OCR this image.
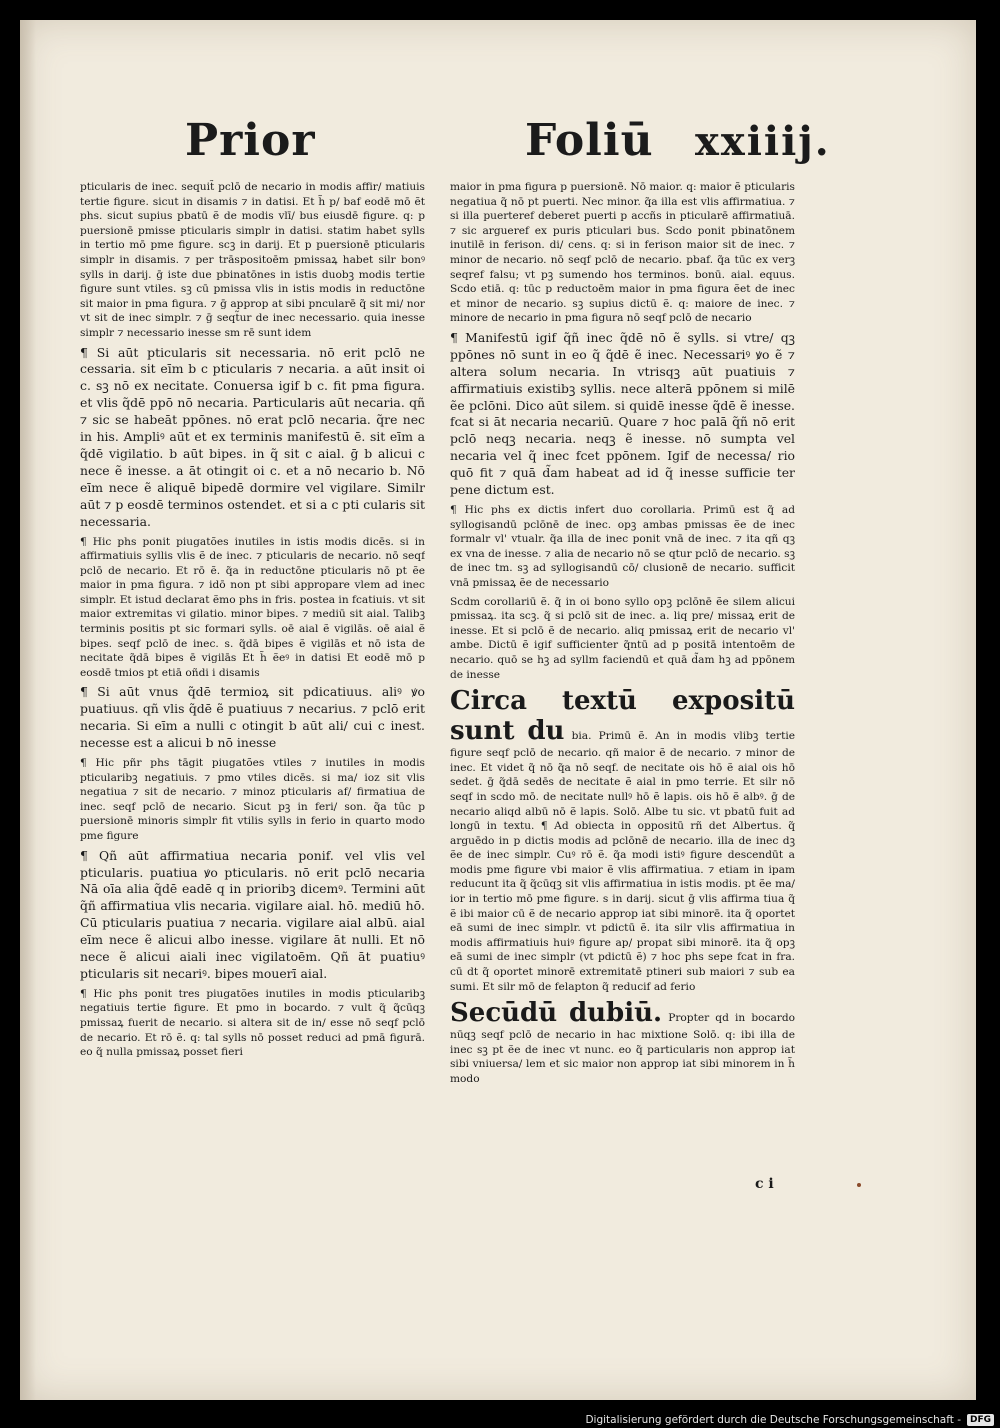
Prior	Foliū xxiiij.
pticularis de inec. sequit̃ pclō de necario in modis affir/ matiuis tertie figure. sicut in disamis ⁊ in datisi. Et h̃ p/ baf eodē mō ẽt phs. sicut supius pbatū ẽ de modis vlī/ bus eiusdē figure. q: p puersionē pmisse pticularis simplr in datisi. statim habet sylls in tertio mō pme figure. scꝫ in darij. Et p puersionē pticularis simplr in disamis. ⁊ per trāspositoēm pmissaꝝ habet silr bonꝰ sylls in darij. ḡ iste due pbinatōnes in istis duobꝫ modis tertie figure sunt vtiles. sꝫ cū pmissa vlis in istis modis in reductōne sit maior in pma figura. ⁊ ḡ approp at sibi pncularē q̃ sit mi/ nor vt sit de inec simplr. ⁊ ḡ seqt̃ur de inec necessario. quia inesse simplr ⁊ necessario inesse sm rē sunt idem
¶ Si aūt pticularis sit necessaria. nō erit pclō ne cessaria. sit eīm b c pticularis ⁊ necaria. a aūt insit oi c. sꝫ nō ex necitate. Conuersa igif b c. fit pma figura. et vlis q̃dē ppō nō necaria. Particularis aūt necaria. qñ ⁊ sic se habeāt ppōnes. nō erat pclō necaria. q̃re nec in his. Ampliꝰ aūt et ex terminis manifestū ē. sit eīm a q̃dē vigilatio. b aūt bipes. in q̃ sit c aial. ḡ b alicui c nece ẽ inesse. a āt otingit oi c. et a nō necario b. Nō eīm nece ẽ aliquē bipedē dormire vel vigilare. Similr aūt ⁊ p eosdē terminos ostendet. et si a c pti cularis sit necessaria.
¶ Hic phs ponit piugatões inutiles in istis modis dicēs. si in affirmatiuis syllis vlis ẽ de inec. ⁊ pticularis de necario. nō seqf pclō de necario. Et rō ẽ. q̃a in reductōne pticularis nō pt ẽe maior in pma figura. ⁊ idō non pt sibi appropare vlem ad inec simplr. Et istud declarat ẽmo phs in fris. postea in fcatiuis. vt sit maior extremitas vi gilatio. minor bipes. ⁊ mediū sit aial. Talibꝫ terminis positis pt sic formari sylls. oē aial ẽ vigilās. oē aial ẽ bipes. seqf pclō de inec. s. q̃dā bipes ẽ vigilās et nō ista de necitate q̃dā bipes ē vigilās Et h̃ ẽeꝰ in datisi Et eodē mō p eosdē tmios pt etiā oñdi i disamis
¶ Si aūt vnus q̃dē termioꝝ sit pdicatiuus. aliꝰ ꝟo puatiuus. qñ vlis q̃dē ẽ puatiuus ⁊ necarius. ⁊ pclō erit necaria. Si eīm a nulli c otingit b aūt ali/ cui c inest. necesse est a alicui b nō inesse
¶ Hic pñr phs tāgit piugatões vtiles ⁊ inutiles in modis pticularibꝫ negatiuis. ⁊ pmo vtiles dicēs. si ma/ ioz sit vlis negatiua ⁊ sit de necario. ⁊ minoz pticularis af/ firmatiua de inec. seqf pclō de necario. Sicut pꝫ in feri/ son. q̃a tūc p puersionē minoris simplr fit vtilis sylls in ferio in quarto modo pme figure
¶ Qñ aūt affirmatiua necaria ponif. vel vlis vel pticularis. puatiua ꝟo pticularis. nō erit pclō necaria Nā oīa alia q̃dē eadē q in prioribꝫ dicemꝰ. Termini aūt q̃ñ affirmatiua vlis necaria. vigilare aial. hō. mediū hō. Cū pticularis puatiua ⁊ necaria. vigilare aial albū. aial eīm nece ẽ alicui albo inesse. vigilare āt nulli. Et nō nece ẽ alicui aiali inec vigilatoēm. Qñ āt puatiuꝰ pticularis sit necariꝰ. bipes mouerī aial.
¶ Hic phs ponit tres piugatões inutiles in modis pticularibꝫ negatiuis tertie figure. Et pmo in bocardo. ⁊ vult q̃ q̃cūqꝫ pmissaꝝ fuerit de necario. si altera sit de in/ esse nō seqf pclō de necario. Et rō ẽ. q: tal sylls nō posset reduci ad pmā figurā. eo q̃ nulla pmissaꝝ posset fieri
maior in pma figura p puersionē. Nō maior. q: maior ẽ pticularis negatiua q̃ nō pt puerti. Nec minor. q̃a illa est vlis affirmatiua. ⁊ si illa puerteref deberet puerti p accñs in pticularē affirmatiuā. ⁊ sic argueref ex puris pticulari bus. Scdo ponit pbinatōnem inutilē in ferison. di/ cens. q: si in ferison maior sit de inec. ⁊ minor de necario. nō seqf pclō de necario. pbaf. q̃a tūc ex verꝫ seqref falsu; vt pꝫ sumendo hos terminos. bonū. aial. equus. Scdo etiā. q: tūc p reductoēm maior in pma figura ẽet de inec et minor de necario. sꝫ supius dictū ẽ. q: maiore de inec. ⁊ minore de necario in pma figura nō seqf pclō de necario
¶ Manifestū igif q̃ñ inec q̃dē nō ẽ sylls. si vtre/ qꝫ ppōnes nō sunt in eo q̃ q̃dē ẽ inec. Necessariꝰ ꝟo ẽ ⁊ altera solum necaria. In vtrisqꝫ aūt puatiuis ⁊ affirmatiuis existibꝫ syllis. nece alterā ppōnem si milē ẽe pclōni. Dico aūt silem. si quidē inesse q̃dē ẽ inesse. fcat si āt necaria necariū. Quare ⁊ hoc palā q̃ñ nō erit pclō neqꝫ necaria. neqꝫ ẽ inesse. nō sumpta vel necaria vel q̃ inec fcet ppōnem. Igif de necessa/ rio quō fit ⁊ quā d̃am habeat ad id q̃ inesse sufficie ter pene dictum est.
¶ Hic phs ex dictis infert duo corollaria. Primū est q̃ ad syllogisandū pclōnē de inec. opꝫ ambas pmissas ẽe de inec formalr vl' vtualr. q̃a illa de inec ponit vnā de inec. ⁊ ita qñ qꝫ ex vna de inesse. ⁊ alia de necario nō se qtur pclō de necario. sꝫ de inec tm. sꝫ ad syllogisandū cō/ clusionē de necario. sufficit vnā pmissaꝝ ẽe de necessario
Scdm corollariū ẽ. q̃ in oi bono syllo opꝫ pclōnē ẽe silem alicui pmissaꝝ. ita scꝫ. q̃ si pclō sit de inec. a. liq pre/ missaꝝ erit de inesse. Et si pclō ẽ de necario. aliq pmissaꝝ erit de necario vl' ambe. Dictū ẽ igif sufficienter q̃ntū ad p positā intentoēm de necario. quō se hꝫ ad syllm faciendū et quā d̃am hꝫ ad ppōnem de inesse
Circa textū expositū sunt du bia. Primū ẽ. An in modis vlibꝫ tertie figure seqf pclō de necario. qñ maior ẽ de necario. ⁊ minor de inec. Et videt q̃ nō q̃a nō seqf. de necitate ois hō ẽ aial ois hō sedet. ḡ q̃dā sedēs de necitate ẽ aial in pmo terrie. Et silr nō seqf in scdo mō. de necitate nullꝰ hō ẽ lapis. ois hō ẽ albꝰ. ḡ de necario aliqd albū nō ẽ lapis. Solō. Albe tu sic. vt pbatū fuit ad longū in textu. ¶ Ad obiecta in oppositū rñ det Albertus. q̃ arguēdo in p dictis modis ad pclōnē de necario. illa de inec dꝫ ẽe de inec simplr. Cuꝰ rō ẽ. q̃a modi istiꝰ figure descendūt a modis pme figure vbi maior ẽ vlis affirmatiua. ⁊ etiam in ipam reducunt ita q̃ q̃cūqꝫ sit vlis affirmatiua in istis modis. pt ẽe ma/ ior in tertio mō pme figure. s in darij. sicut ḡ vlis affirma tiua q̃ ẽ ibi maior cū ẽ de necario approp iat sibi minorē. ita q̃ oportet eā sumi de inec simplr. vt pdictū ẽ. ita silr vlis affirmatiua in modis affirmatiuis huiꝰ figure ap/ propat sibi minorē. ita q̃ opꝫ eā sumi de inec simplr (vt pdictū ẽ) ⁊ hoc phs sepe fcat in fra. cū dt q̃ oportet minorē extremitatē ptineri sub maiori ⁊ sub ea sumi. Et silr mō de felapton q̃ reducif ad ferio
Secūdū dubiū. Propter qd in bocardo nūqꝫ seqf pclō de necario in hac mixtione Solō. q: ibi illa de inec sꝫ pt ẽe de inec vt nunc. eo q̃ particularis non approp iat sibi vniuersa/ lem et sic maior non approp iat sibi minorem in h̃ modo
c i
Digitalisierung gefördert durch die Deutsche Forschungsgemeinschaft -	DFG
